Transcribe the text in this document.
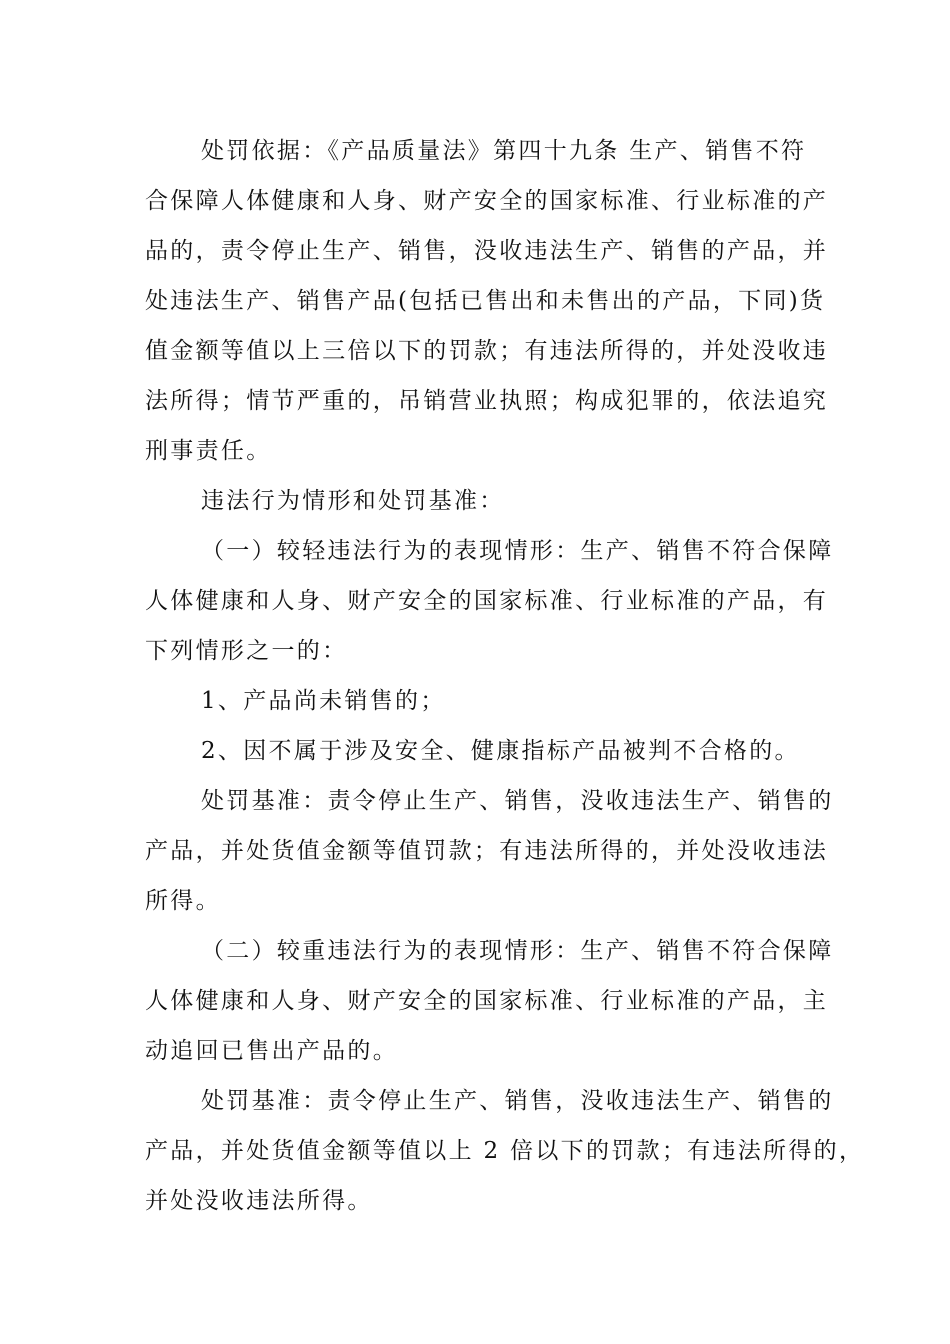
处罚依据：《产品质量法》第四十九条 生产、销售不符
合保障人体健康和人身、财产安全的国家标准、行业标准的产
品的，责令停止生产、销售，没收违法生产、销售的产品，并
处违法生产、销售产品(包括已售出和未售出的产品，下同)货
值金额等值以上三倍以下的罚款；有违法所得的，并处没收违
法所得；情节严重的，吊销营业执照；构成犯罪的，依法追究
刑事责任。
违法行为情形和处罚基准：
（一）较轻违法行为的表现情形：生产、销售不符合保障
人体健康和人身、财产安全的国家标准、行业标准的产品，有
下列情形之一的：
1、产品尚未销售的；
2、因不属于涉及安全、健康指标产品被判不合格的。
处罚基准：责令停止生产、销售，没收违法生产、销售的
产品，并处货值金额等值罚款；有违法所得的，并处没收违法
所得。
（二）较重违法行为的表现情形：生产、销售不符合保障
人体健康和人身、财产安全的国家标准、行业标准的产品，主
动追回已售出产品的。
处罚基准：责令停止生产、销售，没收违法生产、销售的
产品，并处货值金额等值以上 2 倍以下的罚款；有违法所得的，
并处没收违法所得。
